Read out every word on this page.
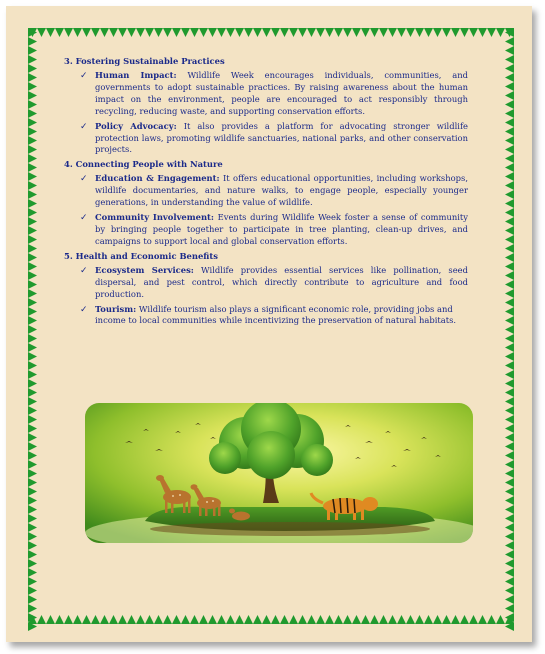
3. Fostering Sustainable Practices
✓ Human Impact: Wildlife Week encourages individuals, communities, and governments to adopt sustainable practices. By raising awareness about the human impact on the environment, people are encouraged to act responsibly through recycling, reducing waste, and supporting conservation efforts.
✓ Policy Advocacy: It also provides a platform for advocating stronger wildlife protection laws, promoting wildlife sanctuaries, national parks, and other conservation projects.
4. Connecting People with Nature
✓ Education & Engagement: It offers educational opportunities, including workshops, wildlife documentaries, and nature walks, to engage people, especially younger generations, in understanding the value of wildlife.
✓ Community Involvement: Events during Wildlife Week foster a sense of community by bringing people together to participate in tree planting, clean-up drives, and campaigns to support local and global conservation efforts.
5. Health and Economic Benefits
✓ Ecosystem Services: Wildlife provides essential services like pollination, seed dispersal, and pest control, which directly contribute to agriculture and food production.
✓ Tourism: Wildlife tourism also plays a significant economic role, providing jobs and income to local communities while incentivizing the preservation of natural habitats.
